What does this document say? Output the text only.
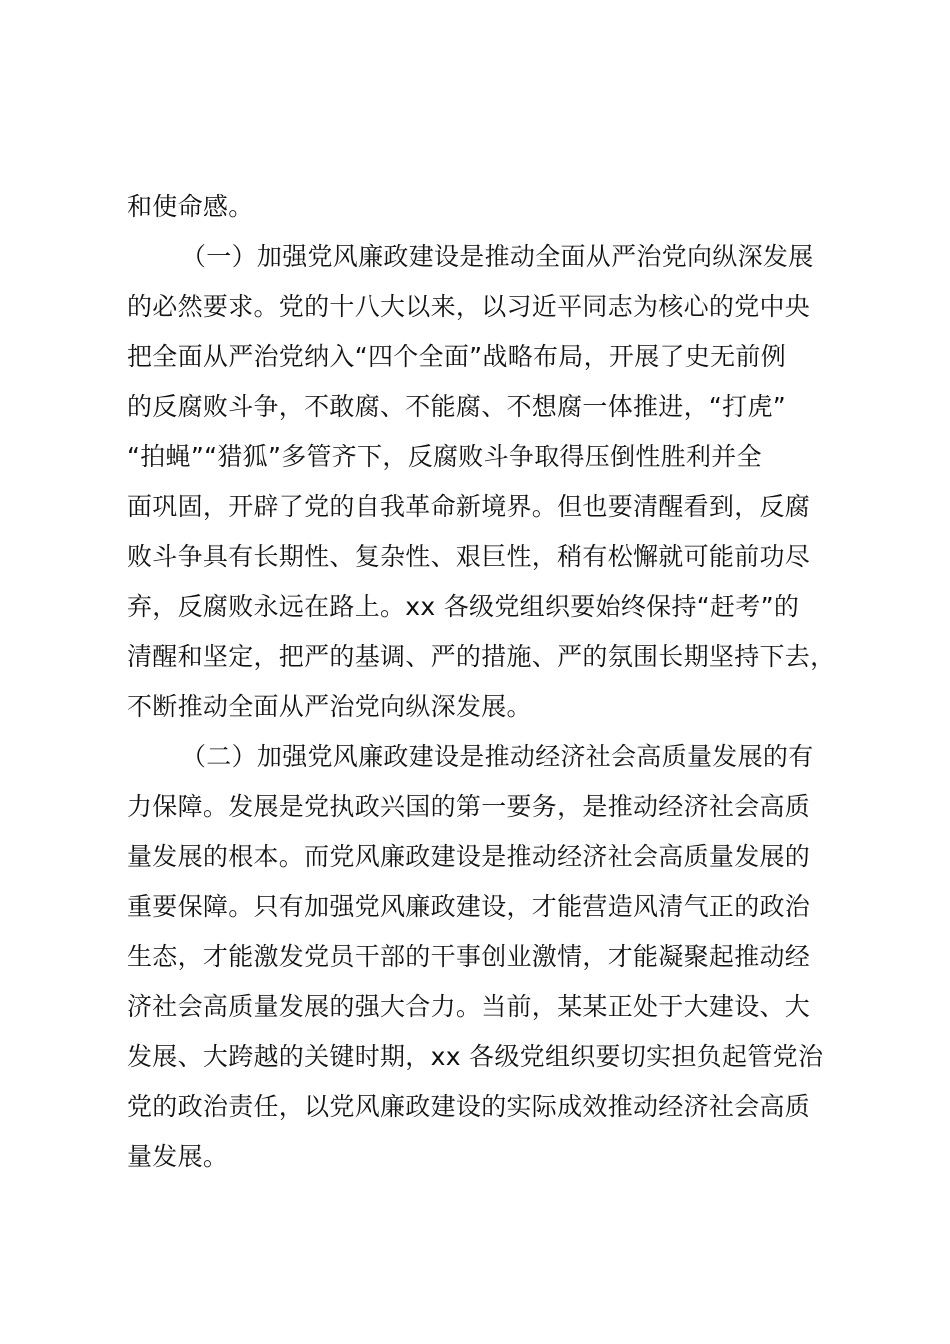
和使命感。
（一）加强党风廉政建设是推动全面从严治党向纵深发展
的必然要求。党的十八大以来，以习近平同志为核心的党中央
把全面从严治党纳入“四个全面”战略布局，开展了史无前例
的反腐败斗争，不敢腐、不能腐、不想腐一体推进，“打虎”
“拍蝇”“猎狐”多管齐下，反腐败斗争取得压倒性胜利并全
面巩固，开辟了党的自我革命新境界。但也要清醒看到，反腐
败斗争具有长期性、复杂性、艰巨性，稍有松懈就可能前功尽
弃，反腐败永远在路上。xx 各级党组织要始终保持“赶考”的
清醒和坚定，把严的基调、严的措施、严的氛围长期坚持下去，
不断推动全面从严治党向纵深发展。
（二）加强党风廉政建设是推动经济社会高质量发展的有
力保障。发展是党执政兴国的第一要务，是推动经济社会高质
量发展的根本。而党风廉政建设是推动经济社会高质量发展的
重要保障。只有加强党风廉政建设，才能营造风清气正的政治
生态，才能激发党员干部的干事创业激情，才能凝聚起推动经
济社会高质量发展的强大合力。当前，某某正处于大建设、大
发展、大跨越的关键时期，xx 各级党组织要切实担负起管党治
党的政治责任，以党风廉政建设的实际成效推动经济社会高质
量发展。
